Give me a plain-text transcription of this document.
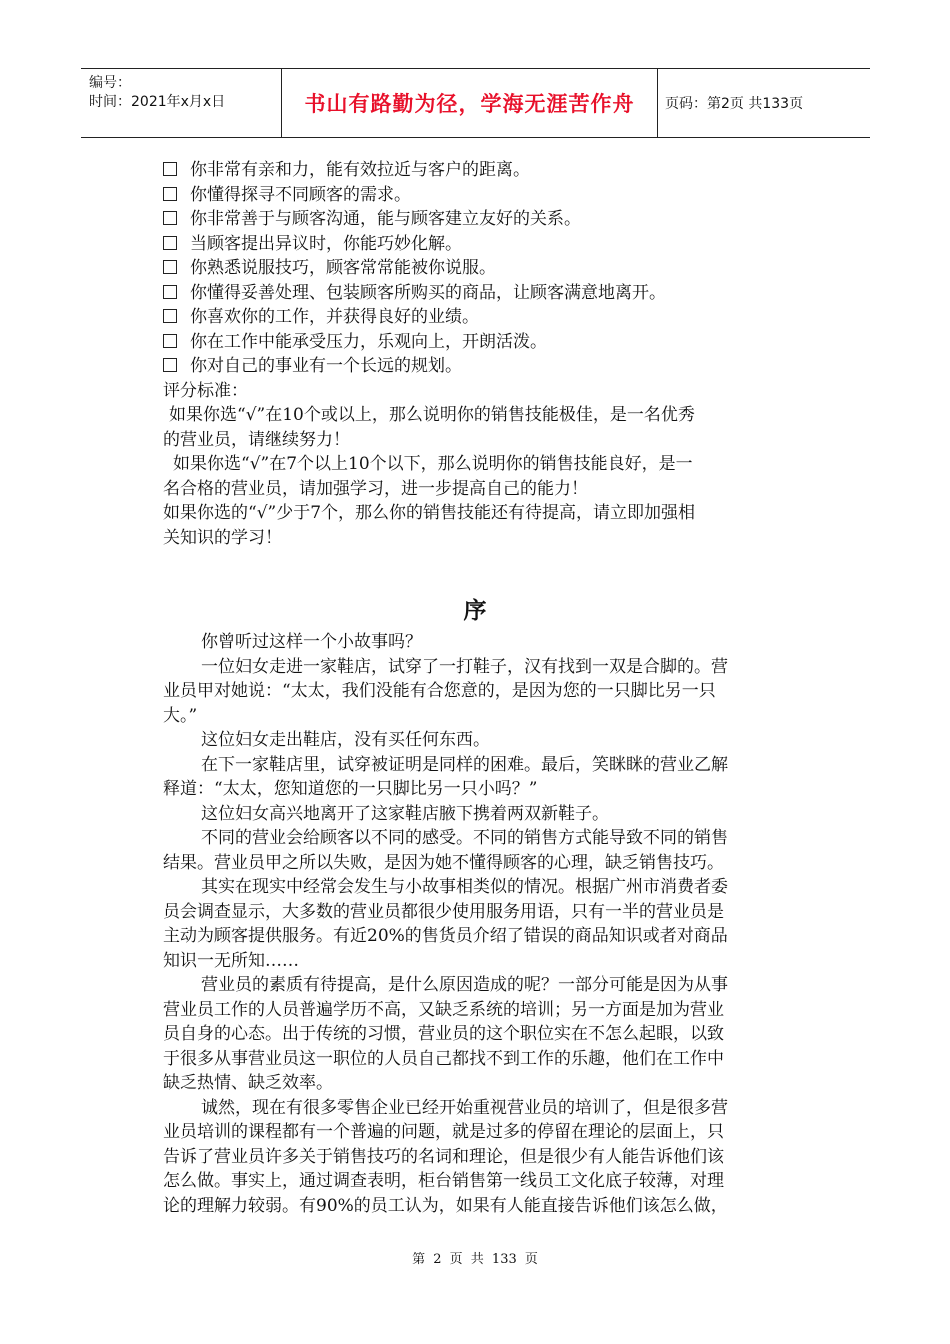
编号：
时间：2021年x月x日	书山有路勤为径，学海无涯苦作舟	页码：第2页 共133页
你非常有亲和力，能有效拉近与客户的距离。
你懂得探寻不同顾客的需求。
你非常善于与顾客沟通，能与顾客建立友好的关系。
当顾客提出异议时，你能巧妙化解。
你熟悉说服技巧，顾客常常能被你说服。
你懂得妥善处理、包装顾客所购买的商品，让顾客满意地离开。
你喜欢你的工作，并获得良好的业绩。
你在工作中能承受压力，乐观向上，开朗活泼。
你对自己的事业有一个长远的规划。
评分标准：
如果你选“√”在10个或以上，那么说明你的销售技能极佳，是一名优秀
的营业员，请继续努力！
如果你选“√”在7个以上10个以下，那么说明你的销售技能良好，是一
名合格的营业员，请加强学习，进一步提高自己的能力！
如果你选的“√”少于7个，那么你的销售技能还有待提高，请立即加强相
关知识的学习！
序
你曾听过这样一个小故事吗？
一位妇女走进一家鞋店，试穿了一打鞋子，汉有找到一双是合脚的。营
业员甲对她说：“太太，我们没能有合您意的，是因为您的一只脚比另一只
大。”
这位妇女走出鞋店，没有买任何东西。
在下一家鞋店里，试穿被证明是同样的困难。最后，笑眯眯的营业乙解
释道：“太太，您知道您的一只脚比另一只小吗？”
这位妇女高兴地离开了这家鞋店腋下携着两双新鞋子。
不同的营业会给顾客以不同的感受。不同的销售方式能导致不同的销售
结果。营业员甲之所以失败，是因为她不懂得顾客的心理，缺乏销售技巧。
其实在现实中经常会发生与小故事相类似的情况。根据广州市消费者委
员会调查显示，大多数的营业员都很少使用服务用语，只有一半的营业员是
主动为顾客提供服务。有近20%的售货员介绍了错误的商品知识或者对商品
知识一无所知……
营业员的素质有待提高，是什么原因造成的呢？一部分可能是因为从事
营业员工作的人员普遍学历不高，又缺乏系统的培训；另一方面是加为营业
员自身的心态。出于传统的习惯，营业员的这个职位实在不怎么起眼，以致
于很多从事营业员这一职位的人员自己都找不到工作的乐趣，他们在工作中
缺乏热情、缺乏效率。
诚然，现在有很多零售企业已经开始重视营业员的培训了，但是很多营
业员培训的课程都有一个普遍的问题，就是过多的停留在理论的层面上，只
告诉了营业员许多关于销售技巧的名词和理论，但是很少有人能告诉他们该
怎么做。事实上，通过调查表明，柜台销售第一线员工文化底子较薄，对理
论的理解力较弱。有90%的员工认为，如果有人能直接告诉他们该怎么做，
第 2 页 共 133 页
